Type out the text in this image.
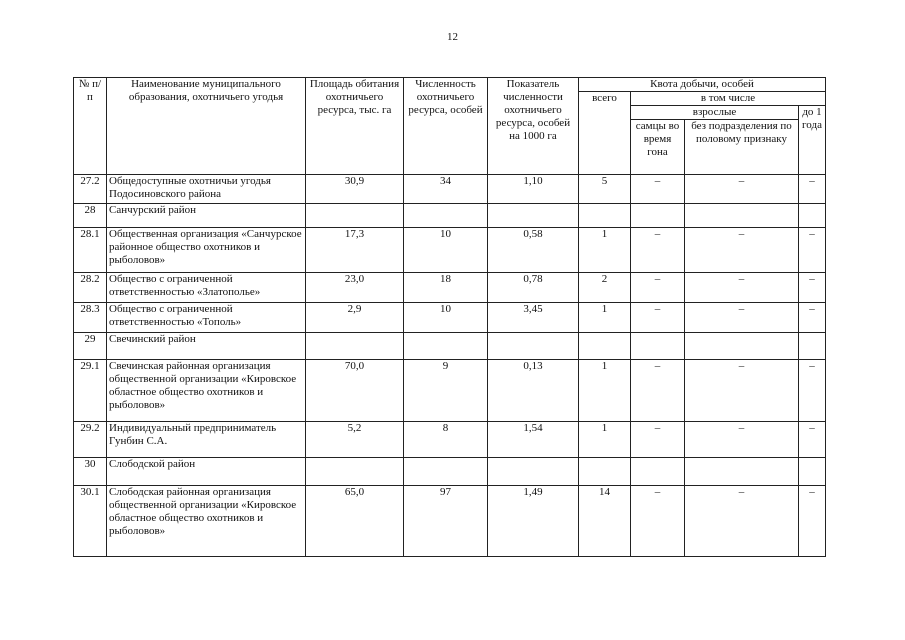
12
№ п/п	Наименование муниципального образования, охотничьего угодья	Площадь обитания охотничьего ресурса, тыс. га	Численность охотничьего ресурса, особей	Показатель численности охотничьего ресурса, особей на 1000 га	Квота добычи, особей			
					всего	в том числе		
						взрослые		до 1 года
						самцы во время гона	без подразделения по половому признаку	
27.2	Общедоступные охотничьи угодья Подосиновского района	30,9	34	1,10	5	–	–	–
28	Санчурский район							
28.1	Общественная организация «Санчурское районное общество охотников и рыболовов»	17,3	10	0,58	1	–	–	–
28.2	Общество с ограниченной ответственностью «Златополье»	23,0	18	0,78	2	–	–	–
28.3	Общество с ограниченной ответственностью «Тополь»	2,9	10	3,45	1	–	–	–
29	Свечинский район							
29.1	Свечинская районная организация общественной организации «Кировское областное общество охотников и рыболовов»	70,0	9	0,13	1	–	–	–
29.2	Индивидуальный предприниматель Гунбин С.А.	5,2	8	1,54	1	–	–	–
30	Слободской район							
30.1	Слободская районная организация общественной организации «Кировское областное общество охотников и рыболовов»	65,0	97	1,49	14	–	–	–
